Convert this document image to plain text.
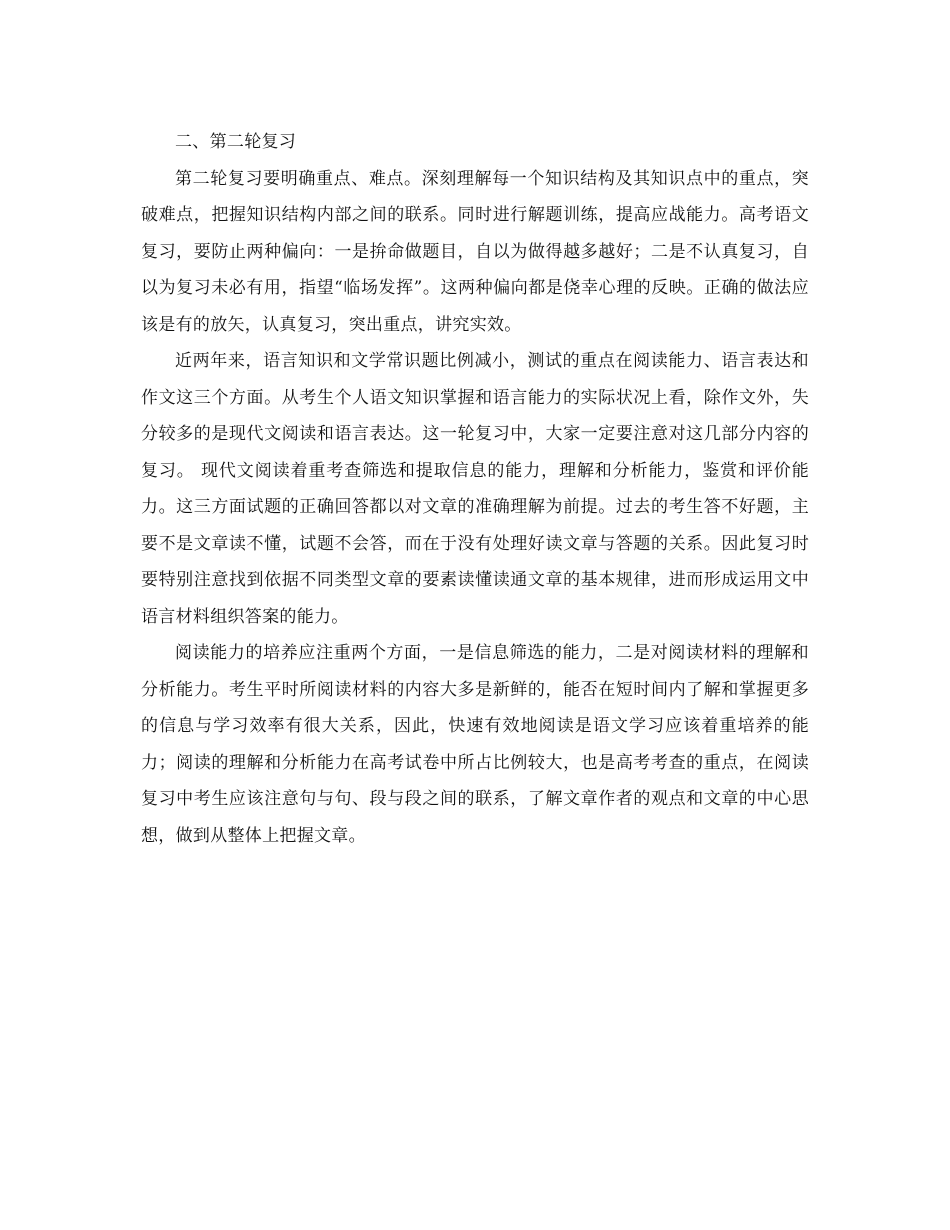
二、第二轮复习

第二轮复习要明确重点、难点。深刻理解每一个知识结构及其知识点中的重点，突破难点，把握知识结构内部之间的联系。同时进行解题训练，提高应战能力。高考语文复习，要防止两种偏向：一是拚命做题目，自以为做得越多越好；二是不认真复习，自以为复习未必有用，指望“临场发挥”。这两种偏向都是侥幸心理的反映。正确的做法应该是有的放矢，认真复习，突出重点，讲究实效。

近两年来，语言知识和文学常识题比例减小，测试的重点在阅读能力、语言表达和作文这三个方面。从考生个人语文知识掌握和语言能力的实际状况上看，除作文外，失分较多的是现代文阅读和语言表达。这一轮复习中，大家一定要注意对这几部分内容的复习。 现代文阅读着重考查筛选和提取信息的能力，理解和分析能力，鉴赏和评价能力。这三方面试题的正确回答都以对文章的准确理解为前提。过去的考生答不好题，主要不是文章读不懂，试题不会答，而在于没有处理好读文章与答题的关系。因此复习时要特别注意找到依据不同类型文章的要素读懂读通文章的基本规律，进而形成运用文中语言材料组织答案的能力。

阅读能力的培养应注重两个方面，一是信息筛选的能力，二是对阅读材料的理解和分析能力。考生平时所阅读材料的内容大多是新鲜的，能否在短时间内了解和掌握更多的信息与学习效率有很大关系，因此，快速有效地阅读是语文学习应该着重培养的能力；阅读的理解和分析能力在高考试卷中所占比例较大，也是高考考查的重点，在阅读复习中考生应该注意句与句、段与段之间的联系，了解文章作者的观点和文章的中心思想，做到从整体上把握文章。
